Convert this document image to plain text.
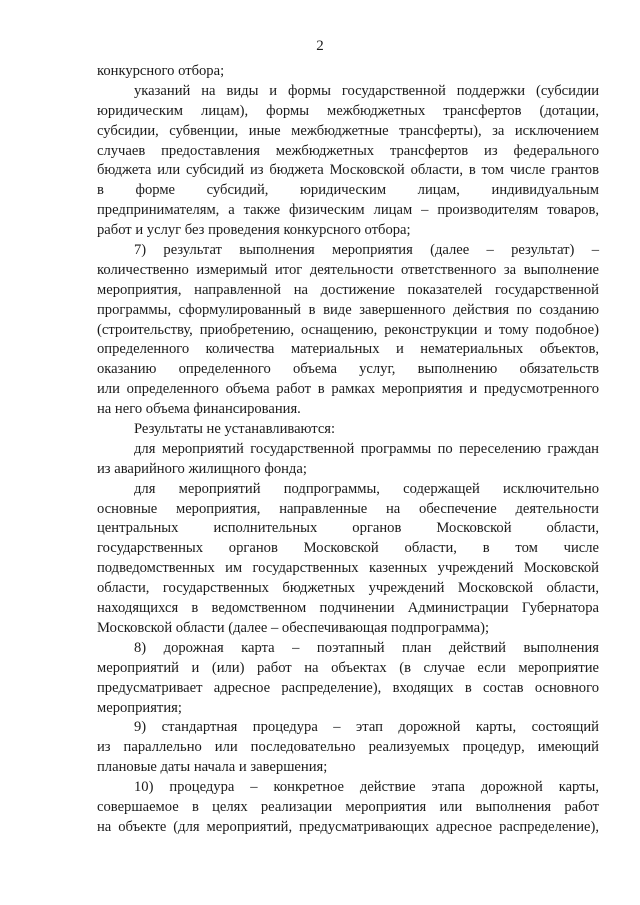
2
конкурсного отбора;
указаний на виды и формы государственной поддержки (субсидии
юридическим лицам), формы межбюджетных трансфертов (дотации,
субсидии, субвенции, иные межбюджетные трансферты), за исключением
случаев предоставления межбюджетных трансфертов из федерального
бюджета или субсидий из бюджета Московской области, в том числе грантов
в форме субсидий, юридическим лицам, индивидуальным
предпринимателям, а также физическим лицам – производителям товаров,
работ и услуг без проведения конкурсного отбора;
7) результат выполнения мероприятия (далее – результат) –
количественно измеримый итог деятельности ответственного за выполнение
мероприятия, направленной на достижение показателей государственной
программы, сформулированный в виде завершенного действия по созданию
(строительству, приобретению, оснащению, реконструкции и тому подобное)
определенного количества материальных и нематериальных объектов,
оказанию определенного объема услуг, выполнению обязательств
или определенного объема работ в рамках мероприятия и предусмотренного
на него объема финансирования.
Результаты не устанавливаются:
для мероприятий государственной программы по переселению граждан
из аварийного жилищного фонда;
для мероприятий подпрограммы, содержащей исключительно
основные мероприятия, направленные на обеспечение деятельности
центральных исполнительных органов Московской области,
государственных органов Московской области, в том числе
подведомственных им государственных казенных учреждений Московской
области, государственных бюджетных учреждений Московской области,
находящихся в ведомственном подчинении Администрации Губернатора
Московской области (далее – обеспечивающая подпрограмма);
8) дорожная карта – поэтапный план действий выполнения
мероприятий и (или) работ на объектах (в случае если мероприятие
предусматривает адресное распределение), входящих в состав основного
мероприятия;
9) стандартная процедура – этап дорожной карты, состоящий
из параллельно или последовательно реализуемых процедур, имеющий
плановые даты начала и завершения;
10) процедура – конкретное действие этапа дорожной карты,
совершаемое в целях реализации мероприятия или выполнения работ
на объекте (для мероприятий, предусматривающих адресное распределение),
